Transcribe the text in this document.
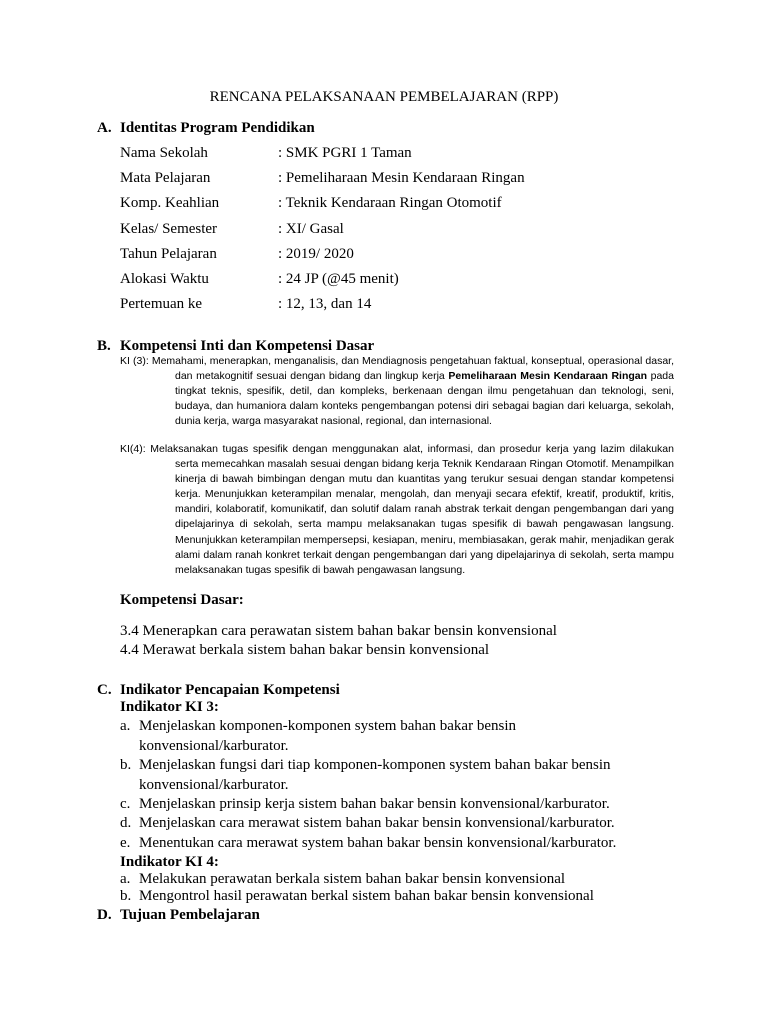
RENCANA PELAKSANAAN PEMBELAJARAN (RPP)
A. Identitas Program Pendidikan
Nama Sekolah	: SMK PGRI 1 Taman
Mata Pelajaran	: Pemeliharaan Mesin Kendaraan Ringan
Komp. Keahlian	: Teknik Kendaraan Ringan Otomotif
Kelas/ Semester	: XI/ Gasal
Tahun Pelajaran	: 2019/ 2020
Alokasi Waktu	: 24 JP (@45 menit)
Pertemuan ke	: 12, 13, dan 14
B. Kompetensi Inti dan Kompetensi Dasar

KI (3): Memahami, menerapkan, menganalisis, dan Mendiagnosis pengetahuan faktual, konseptual, operasional dasar, dan metakognitif sesuai dengan bidang dan lingkup kerja Pemeliharaan Mesin Kendaraan Ringan pada tingkat teknis, spesifik, detil, dan kompleks, berkenaan dengan ilmu pengetahuan dan teknologi, seni, budaya, dan humaniora dalam konteks pengembangan potensi diri sebagai bagian dari keluarga, sekolah, dunia kerja, warga masyarakat nasional, regional, dan internasional.

KI(4): Melaksanakan tugas spesifik dengan menggunakan alat, informasi, dan prosedur kerja yang lazim dilakukan serta memecahkan masalah sesuai dengan bidang kerja Teknik Kendaraan Ringan Otomotif. Menampilkan kinerja di bawah bimbingan dengan mutu dan kuantitas yang terukur sesuai dengan standar kompetensi kerja. Menunjukkan keterampilan menalar, mengolah, dan menyaji secara efektif, kreatif, produktif, kritis, mandiri, kolaboratif, komunikatif, dan solutif dalam ranah abstrak terkait dengan pengembangan dari yang dipelajarinya di sekolah, serta mampu melaksanakan tugas spesifik di bawah pengawasan langsung. Menunjukkan keterampilan mempersepsi, kesiapan, meniru, membiasakan, gerak mahir, menjadikan gerak alami dalam ranah konkret terkait dengan pengembangan dari yang dipelajarinya di sekolah, serta mampu melaksanakan tugas spesifik di bawah pengawasan langsung.

Kompetensi Dasar:
3.4 Menerapkan cara perawatan sistem bahan bakar bensin konvensional
4.4 Merawat berkala sistem bahan bakar bensin konvensional
C. Indikator Pencapaian Kompetensi
Indikator KI 3:
a. Menjelaskan komponen-komponen system bahan bakar bensin
konvensional/karburator.
b. Menjelaskan fungsi dari tiap komponen-komponen system bahan bakar bensin
konvensional/karburator.
c. Menjelaskan prinsip kerja sistem bahan bakar bensin konvensional/karburator.
d. Menjelaskan cara merawat sistem bahan bakar bensin konvensional/karburator.
e. Menentukan cara merawat system bahan bakar bensin konvensional/karburator.
Indikator KI 4:
a. Melakukan perawatan berkala sistem bahan bakar bensin konvensional
b. Mengontrol hasil perawatan berkal sistem bahan bakar bensin konvensional
D. Tujuan Pembelajaran
